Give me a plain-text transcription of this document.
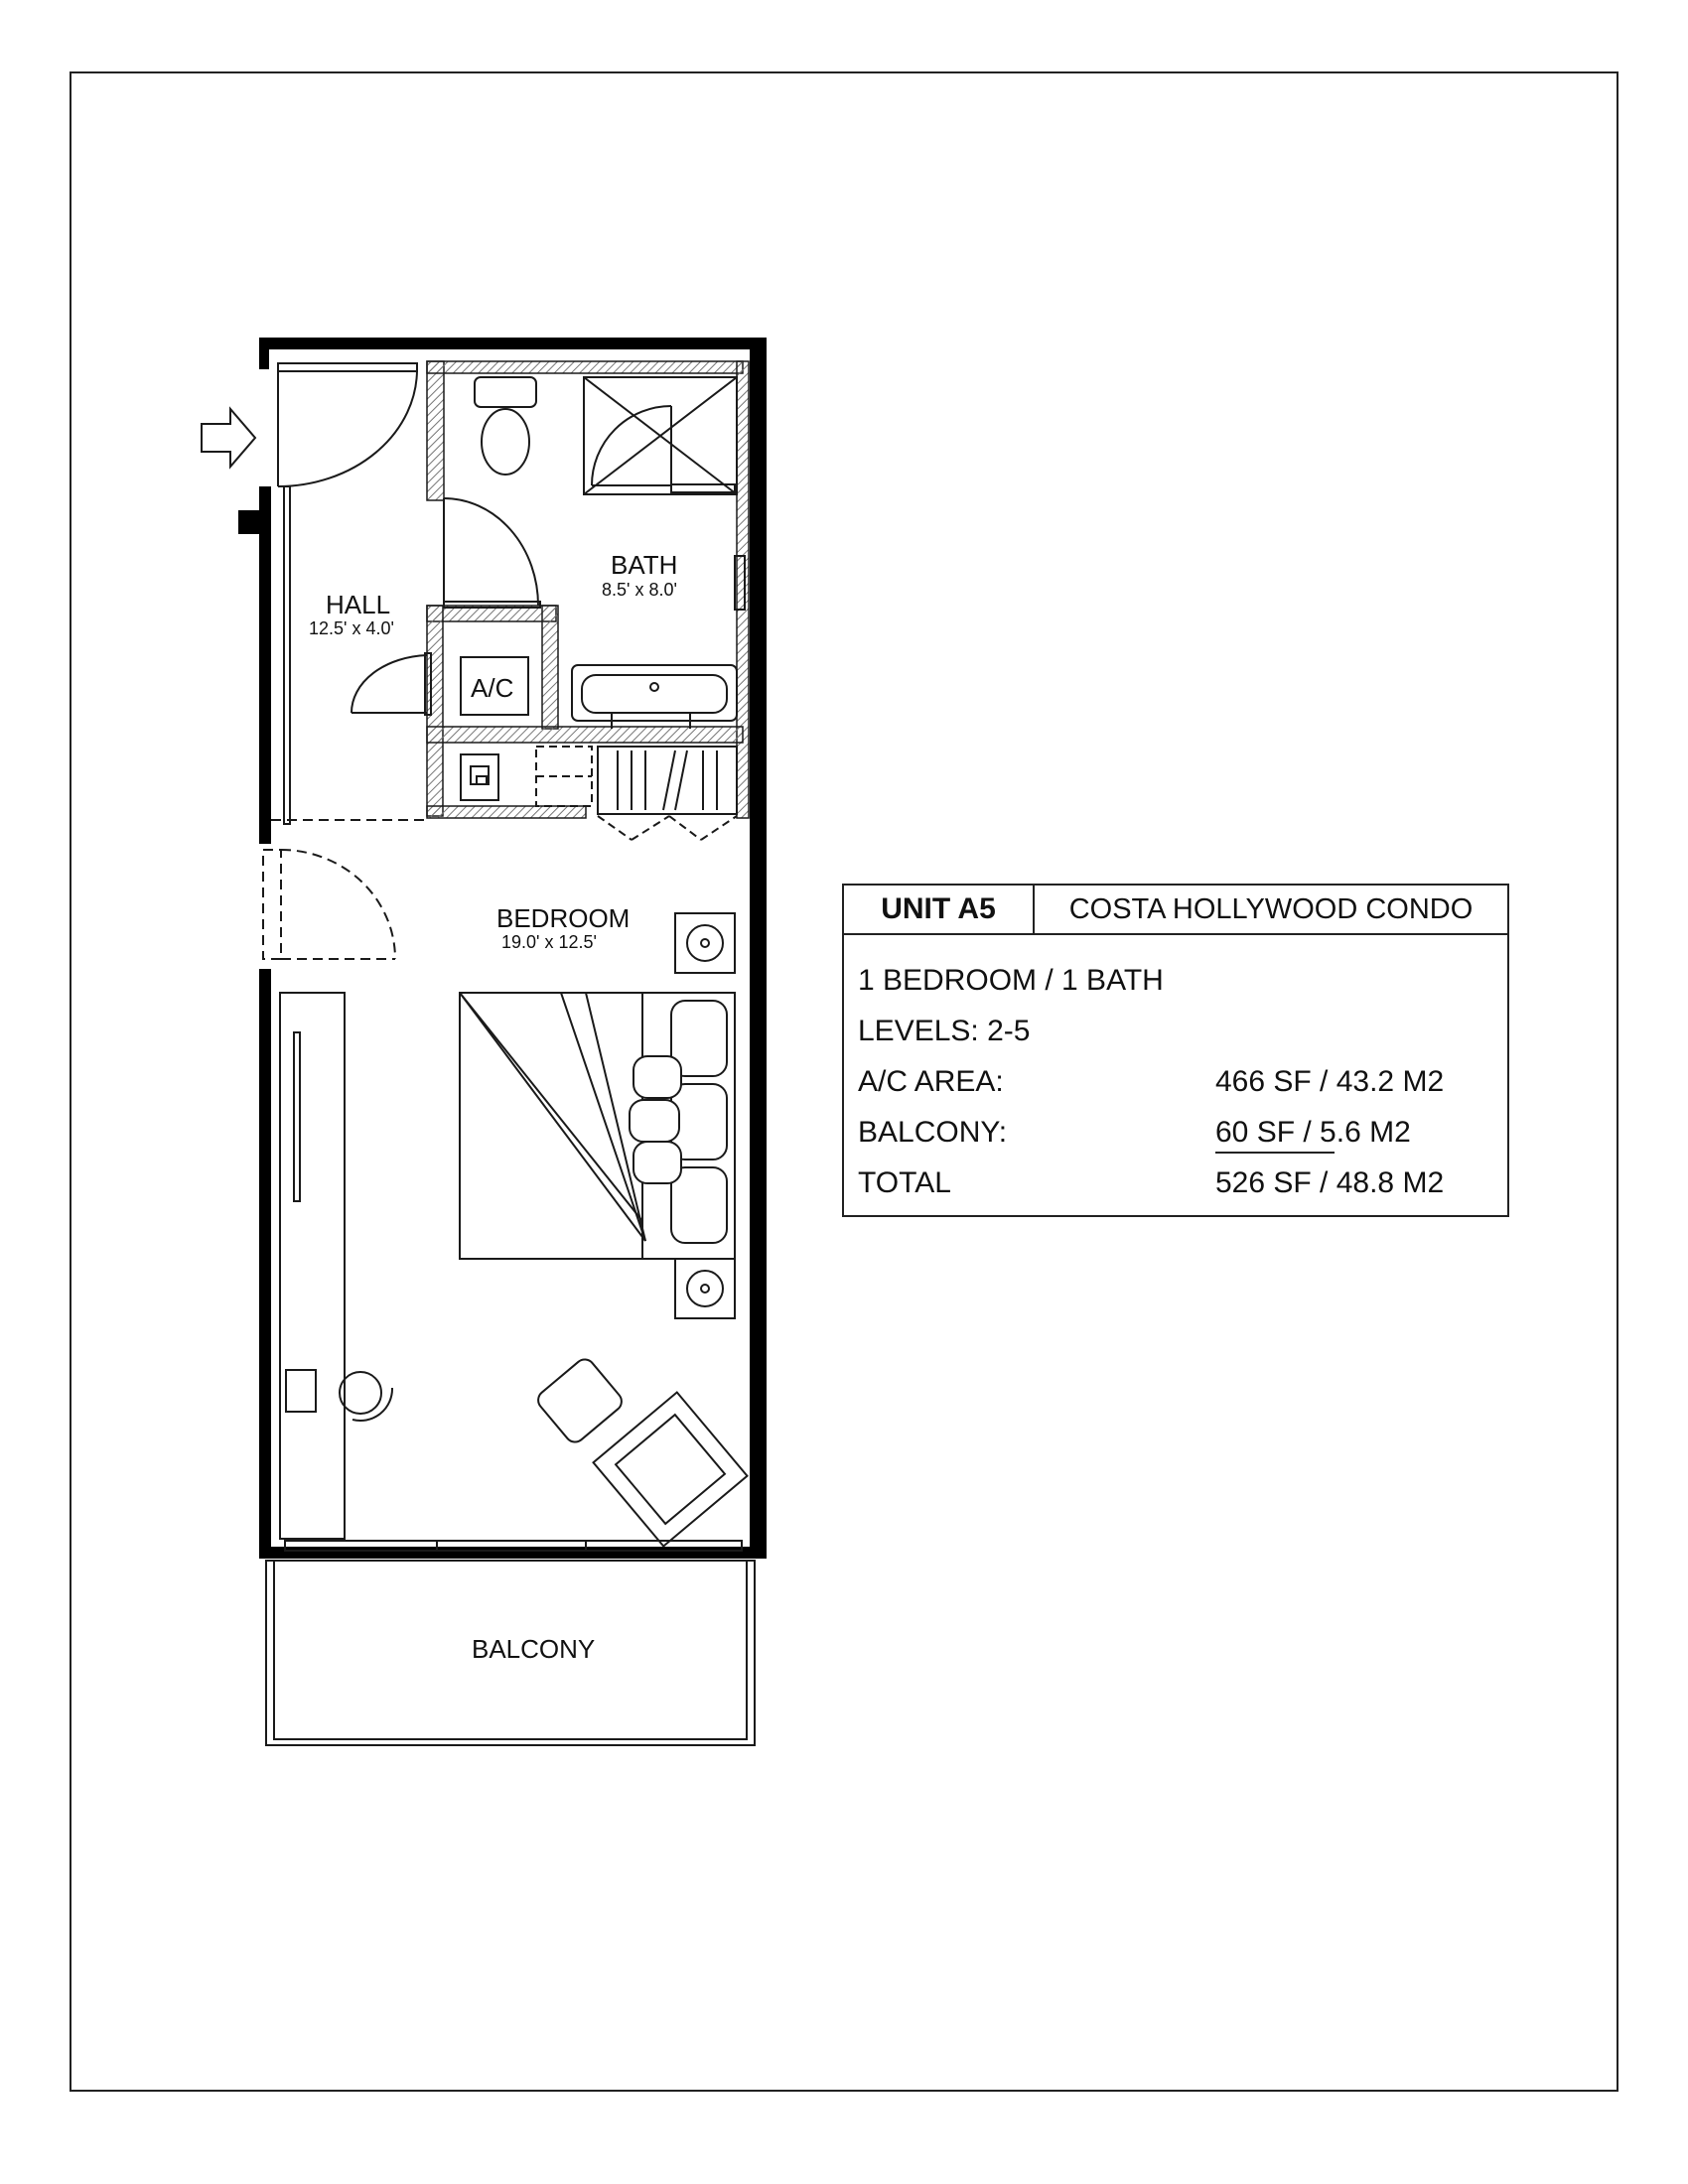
A/C
HALL
12.5' x 4.0'
BATH
8.5' x 8.0'
BEDROOM
19.0' x 12.5'
BALCONY
UNIT A5	COSTA HOLLYWOOD CONDO
1 BEDROOM / 1 BATH
LEVELS: 2-5
A/C AREA:	466 SF / 43.2 M2
BALCONY:	60 SF / 5.6 M2
TOTAL	526 SF / 48.8 M2
